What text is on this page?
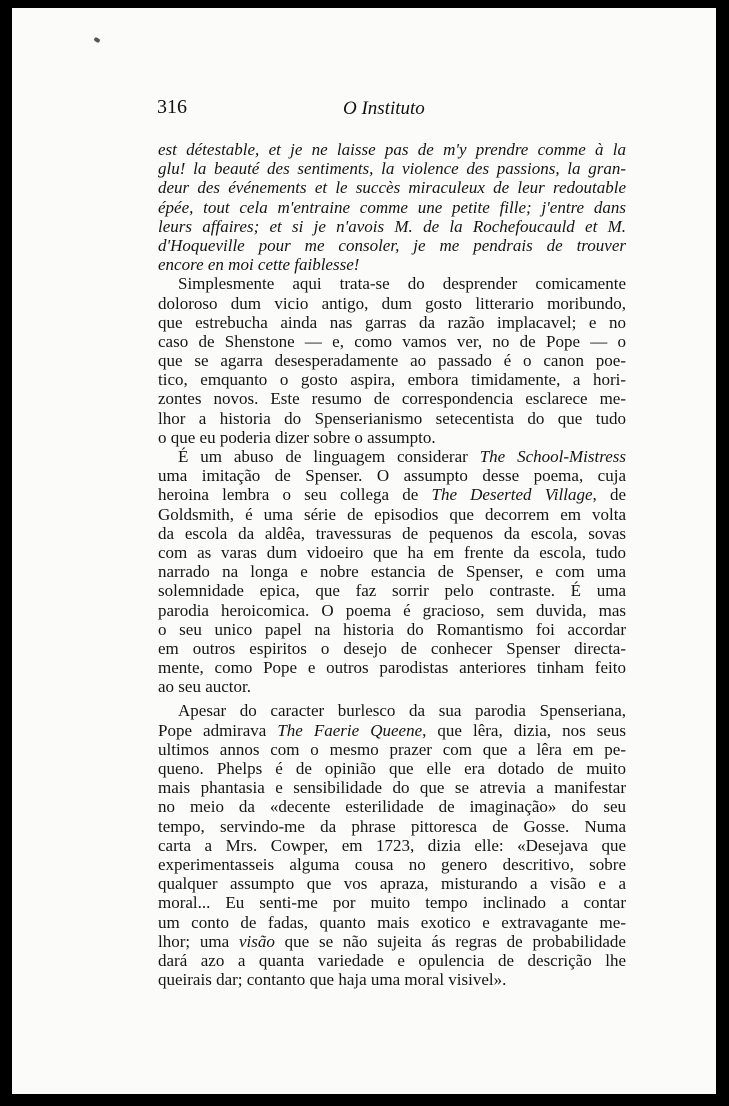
316	O Instituto
est détestable, et je ne laisse pas de m'y prendre comme à la
glu! la beauté des sentiments, la violence des passions, la gran-
deur des événements et le succès miraculeux de leur redoutable
épée, tout cela m'entraine comme une petite fille; j'entre dans
leurs affaires; et si je n'avois M. de la Rochefoucauld et M.
d'Hoqueville pour me consoler, je me pendrais de trouver
encore en moi cette faiblesse!
Simplesmente aqui trata-se do desprender comicamente
doloroso dum vicio antigo, dum gosto litterario moribundo,
que estrebucha ainda nas garras da razão implacavel; e no
caso de Shenstone — e, como vamos ver, no de Pope — o
que se agarra desesperadamente ao passado é o canon poe-
tico, emquanto o gosto aspira, embora timidamente, a hori-
zontes novos. Este resumo de correspondencia esclarece me-
lhor a historia do Spenserianismo setecentista do que tudo
o que eu poderia dizer sobre o assumpto.
É um abuso de linguagem considerar The School-Mistress
uma imitação de Spenser. O assumpto desse poema, cuja
heroina lembra o seu collega de The Deserted Village, de
Goldsmith, é uma série de episodios que decorrem em volta
da escola da aldêa, travessuras de pequenos da escola, sovas
com as varas dum vidoeiro que ha em frente da escola, tudo
narrado na longa e nobre estancia de Spenser, e com uma
solemnidade epica, que faz sorrir pelo contraste. É uma
parodia heroicomica. O poema é gracioso, sem duvida, mas
o seu unico papel na historia do Romantismo foi accordar
em outros espiritos o desejo de conhecer Spenser directa-
mente, como Pope e outros parodistas anteriores tinham feito
ao seu auctor.
Apesar do caracter burlesco da sua parodia Spenseriana,
Pope admirava The Faerie Queene, que lêra, dizia, nos seus
ultimos annos com o mesmo prazer com que a lêra em pe-
queno. Phelps é de opinião que elle era dotado de muito
mais phantasia e sensibilidade do que se atrevia a manifestar
no meio da «decente esterilidade de imaginação» do seu
tempo, servindo-me da phrase pittoresca de Gosse. Numa
carta a Mrs. Cowper, em 1723, dizia elle: «Desejava que
experimentasseis alguma cousa no genero descritivo, sobre
qualquer assumpto que vos apraza, misturando a visão e a
moral... Eu senti-me por muito tempo inclinado a contar
um conto de fadas, quanto mais exotico e extravagante me-
lhor; uma visão que se não sujeita ás regras de probabilidade
dará azo a quanta variedade e opulencia de descrição lhe
queirais dar; contanto que haja uma moral visivel».
